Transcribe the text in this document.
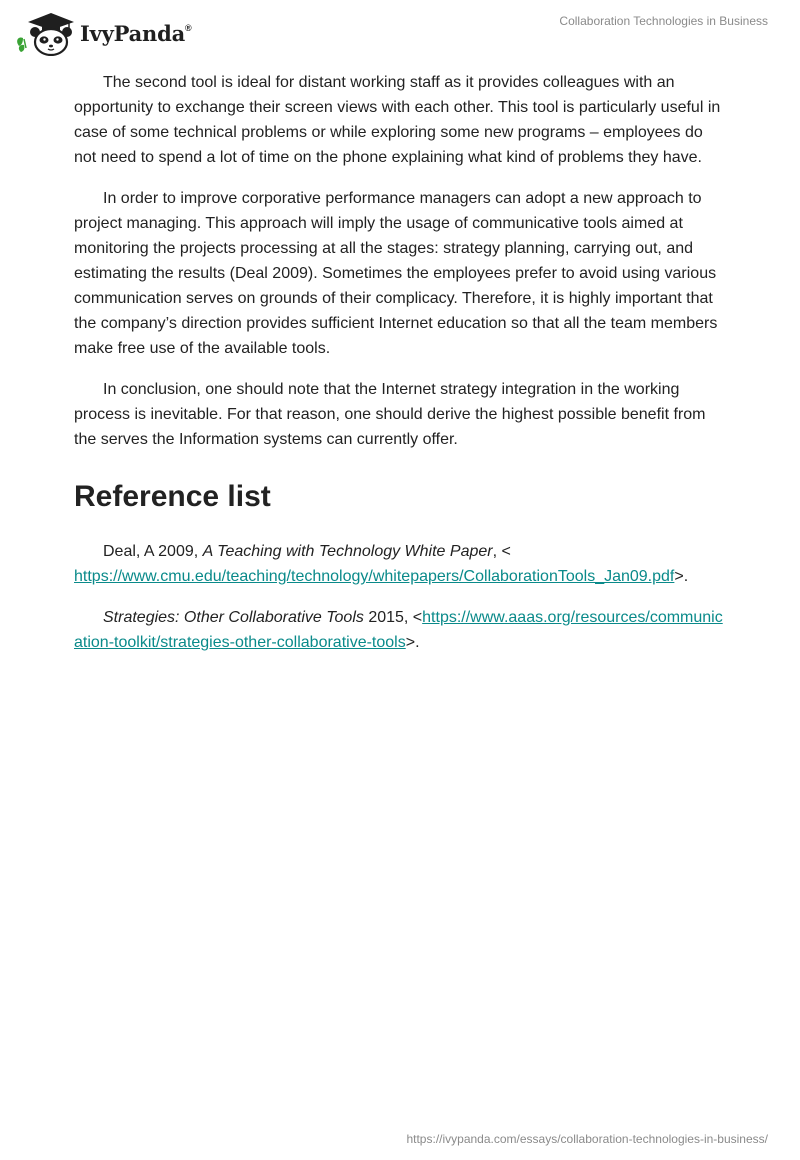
IvyPanda®	Collaboration Technologies in Business

The second tool is ideal for distant working staff as it provides colleagues with an opportunity to exchange their screen views with each other. This tool is particularly useful in case of some technical problems or while exploring some new programs – employees do not need to spend a lot of time on the phone explaining what kind of problems they have.

In order to improve corporative performance managers can adopt a new approach to project managing. This approach will imply the usage of communicative tools aimed at monitoring the projects processing at all the stages: strategy planning, carrying out, and estimating the results (Deal 2009). Sometimes the employees prefer to avoid using various communication serves on grounds of their complicacy. Therefore, it is highly important that the company’s direction provides sufficient Internet education so that all the team members make free use of the available tools.

In conclusion, one should note that the Internet strategy integration in the working process is inevitable. For that reason, one should derive the highest possible benefit from the serves the Information systems can currently offer.

Reference list
Deal, A 2009, A Teaching with Technology White Paper, <
https://www.cmu.edu/teaching/technology/whitepapers/CollaborationTools_Jan09.pdf>.
Strategies: Other Collaborative Tools 2015, <https://www.aaas.org/resources/communication-toolkit/strategies-other-collaborative-tools>.
https://ivypanda.com/essays/collaboration-technologies-in-business/
